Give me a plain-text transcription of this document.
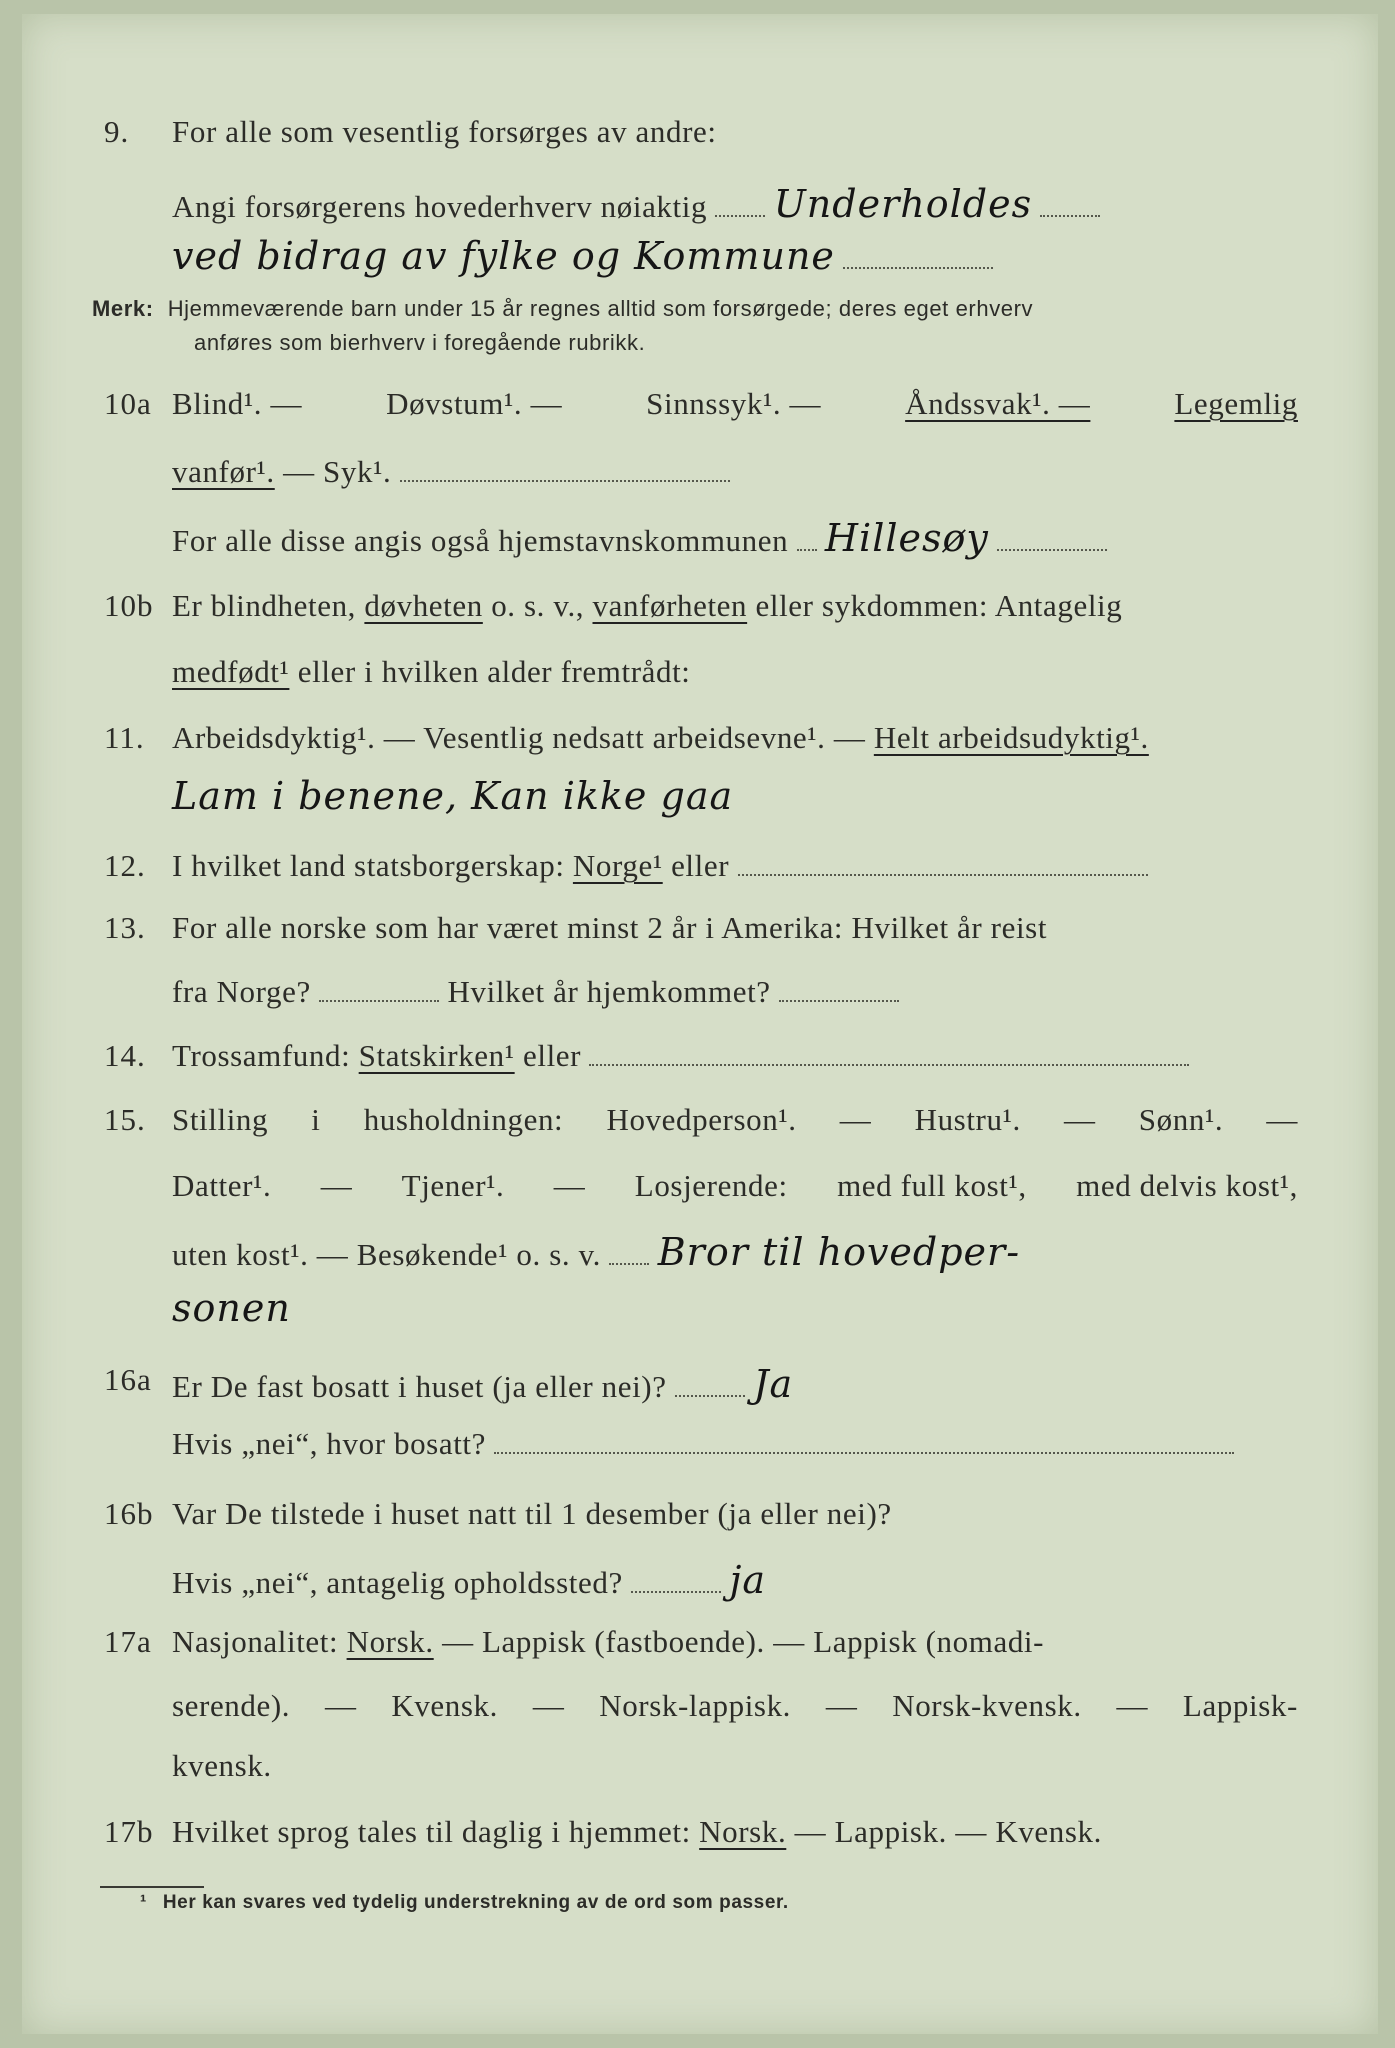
9. For alle som vesentlig forsørges av andre:
Angi forsørgerens hovederhverv nøiaktig Underholdes
ved bidrag av fylke og Kommune
Merk: Hjemmeværende barn under 15 år regnes alltid som forsørgede; deres eget erhverv
anføres som bierhverv i foregående rubrikk.
10a Blind¹. —	Døvstum¹. —	Sinnssyk¹. —	Åndssvak¹. —	Legemlig
vanfør¹. — Syk¹.
For alle disse angis også hjemstavnskommunen Hillesøy
10b Er blindheten, døvheten o. s. v., vanførheten eller sykdommen: Antagelig
medfødt¹ eller i hvilken alder fremtrådt:
11. Arbeidsdyktig¹. — Vesentlig nedsatt arbeidsevne¹. — Helt arbeidsudyktig¹.
Lam i benene, Kan ikke gaa
12. I hvilket land statsborgerskap: Norge¹ eller
13. For alle norske som har været minst 2 år i Amerika: Hvilket år reist
fra Norge?	Hvilket år hjemkommet?
14. Trossamfund: Statskirken¹ eller
15. Stilling i husholdningen: Hovedperson¹. — Hustru¹. — Sønn¹. —
Datter¹. — Tjener¹. — Losjerende: med full kost¹, med delvis kost¹,
uten kost¹. — Besøkende¹ o. s. v. Bror til hovedper-
sonen
16a Er De fast bosatt i huset (ja eller nei)? Ja
Hvis „nei“, hvor bosatt?
16b Var De tilstede i huset natt til 1 desember (ja eller nei)?
Hvis „nei“, antagelig opholdssted?	ja
17a Nasjonalitet: Norsk. — Lappisk (fastboende). — Lappisk (nomadi-
serende). — Kvensk. — Norsk-lappisk. — Norsk-kvensk. — Lappisk-
kvensk.
17b Hvilket sprog tales til daglig i hjemmet: Norsk. — Lappisk. — Kvensk.
¹ Her kan svares ved tydelig understrekning av de ord som passer.
